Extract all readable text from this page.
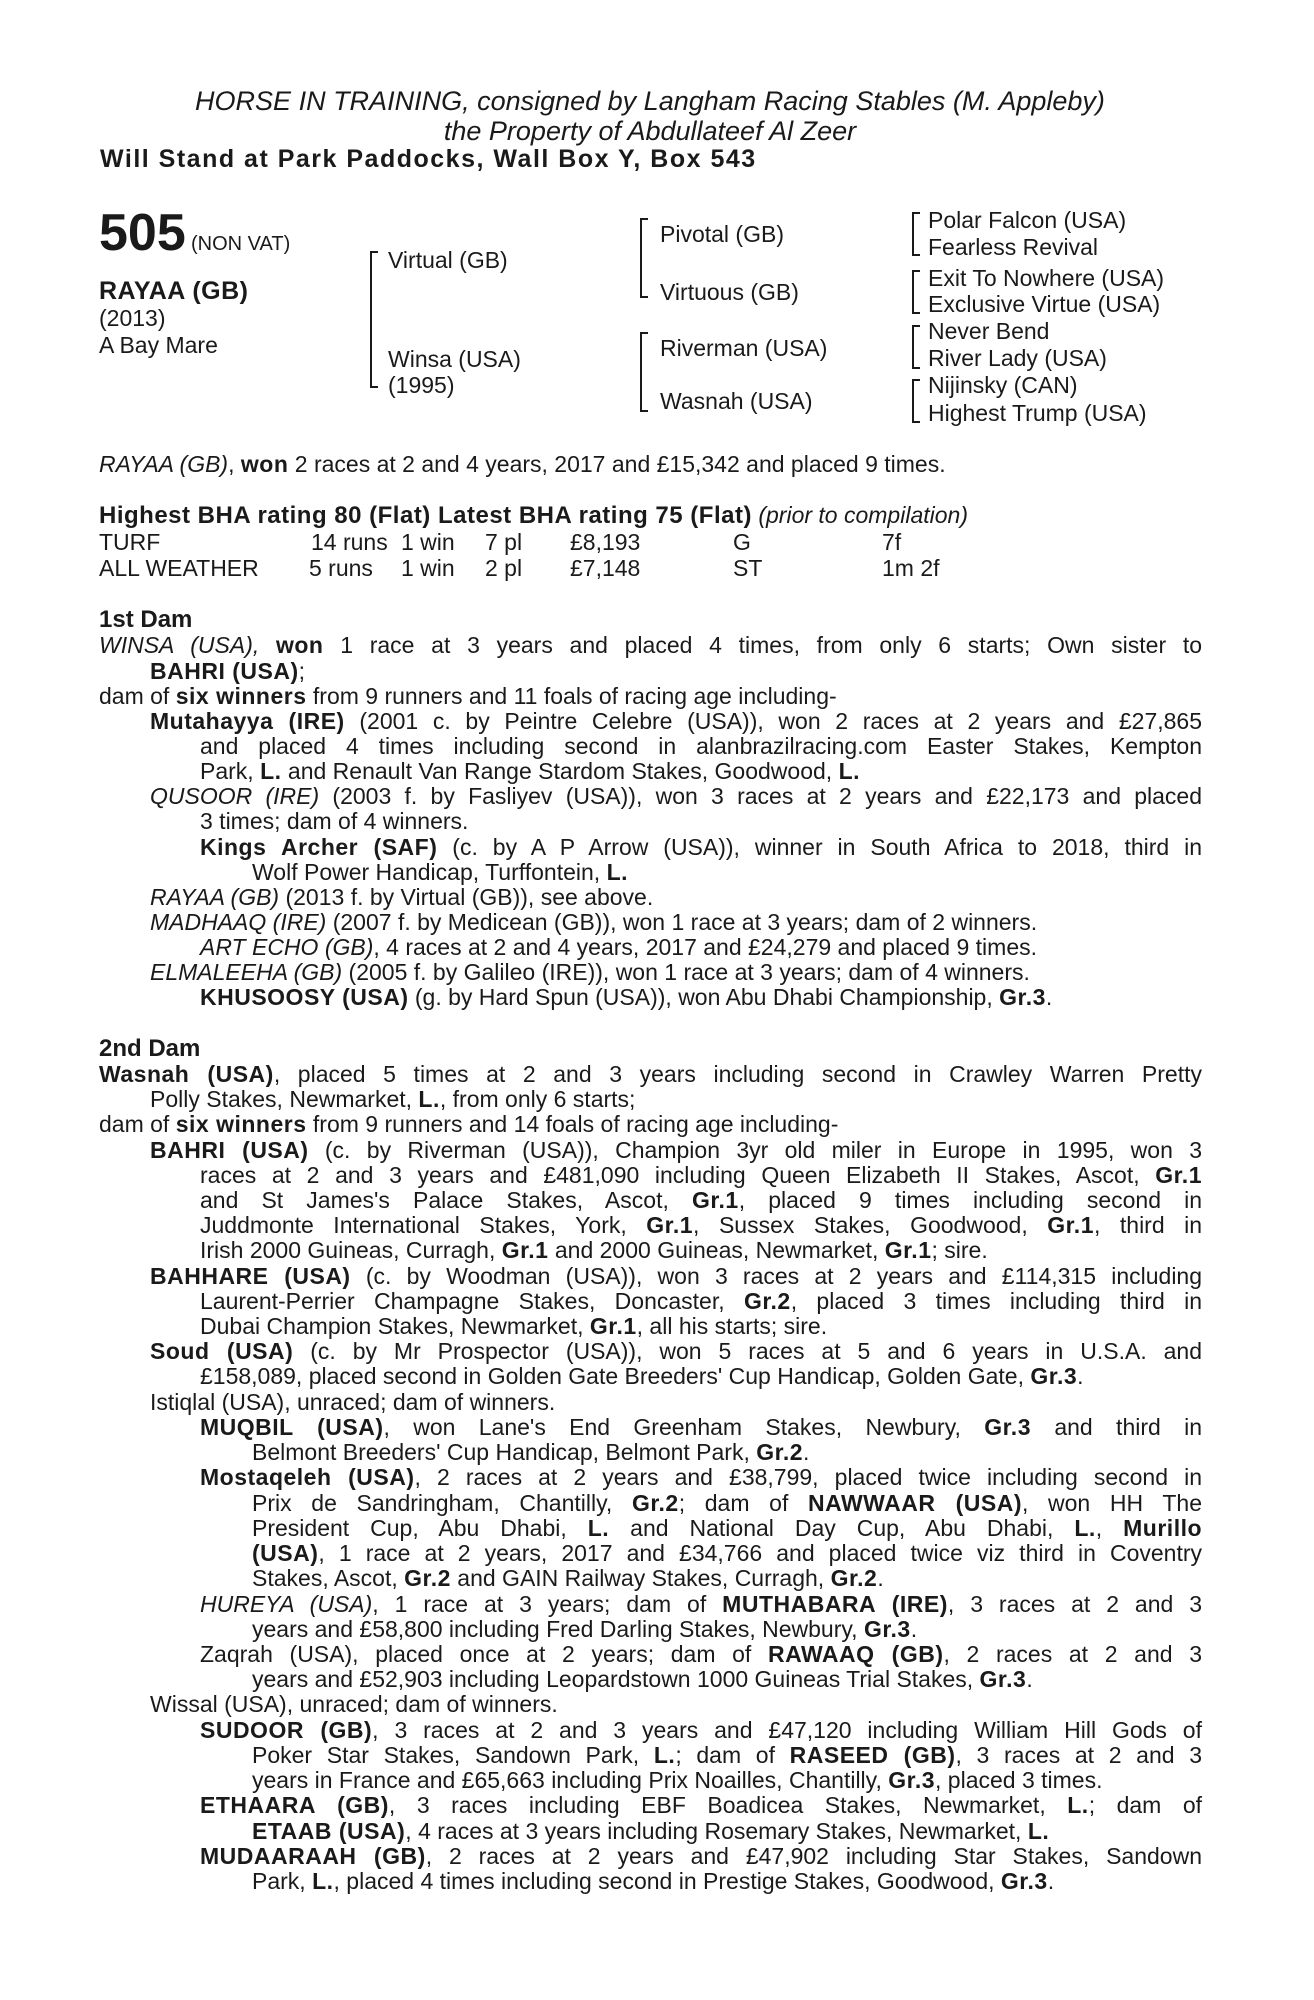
HORSE IN TRAINING, consigned by Langham Racing Stables (M. Appleby)
the Property of Abdullateef Al Zeer
Will Stand at Park Paddocks, Wall Box Y, Box 543
505 (NON VAT)
RAYAA (GB)
(2013)
A Bay Mare
Virtual (GB)
Winsa (USA)
(1995)
Pivotal (GB)
Virtuous (GB)
Riverman (USA)
Wasnah (USA)
Polar Falcon (USA)
Fearless Revival
Exit To Nowhere (USA)
Exclusive Virtue (USA)
Never Bend
River Lady (USA)
Nijinsky (CAN)
Highest Trump (USA)
RAYAA (GB), won 2 races at 2 and 4 years, 2017 and £15,342 and placed 9 times.
Highest BHA rating 80 (Flat) Latest BHA rating 75 (Flat) (prior to compilation)
TURF	14 runs 1 win 7 pl £8,193	G	7f
ALL WEATHER 5 runs 1 win 2 pl £7,148	ST	1m 2f
1st Dam
WINSA (USA), won 1 race at 3 years and placed 4 times, from only 6 starts; Own sister to
BAHRI (USA);
dam of six winners from 9 runners and 11 foals of racing age including-
Mutahayya (IRE) (2001 c. by Peintre Celebre (USA)), won 2 races at 2 years and £27,865
and placed 4 times including second in alanbrazilracing.com Easter Stakes, Kempton
Park, L. and Renault Van Range Stardom Stakes, Goodwood, L.
QUSOOR (IRE) (2003 f. by Fasliyev (USA)), won 3 races at 2 years and £22,173 and placed
3 times; dam of 4 winners.
Kings Archer (SAF) (c. by A P Arrow (USA)), winner in South Africa to 2018, third in
Wolf Power Handicap, Turffontein, L.
RAYAA (GB) (2013 f. by Virtual (GB)), see above.
MADHAAQ (IRE) (2007 f. by Medicean (GB)), won 1 race at 3 years; dam of 2 winners.
ART ECHO (GB), 4 races at 2 and 4 years, 2017 and £24,279 and placed 9 times.
ELMALEEHA (GB) (2005 f. by Galileo (IRE)), won 1 race at 3 years; dam of 4 winners.
KHUSOOSY (USA) (g. by Hard Spun (USA)), won Abu Dhabi Championship, Gr.3.
2nd Dam
Wasnah (USA), placed 5 times at 2 and 3 years including second in Crawley Warren Pretty
Polly Stakes, Newmarket, L., from only 6 starts;
dam of six winners from 9 runners and 14 foals of racing age including-
BAHRI (USA) (c. by Riverman (USA)), Champion 3yr old miler in Europe in 1995, won 3
races at 2 and 3 years and £481,090 including Queen Elizabeth II Stakes, Ascot, Gr.1
and St James's Palace Stakes, Ascot, Gr.1, placed 9 times including second in
Juddmonte International Stakes, York, Gr.1, Sussex Stakes, Goodwood, Gr.1, third in
Irish 2000 Guineas, Curragh, Gr.1 and 2000 Guineas, Newmarket, Gr.1; sire.
BAHHARE (USA) (c. by Woodman (USA)), won 3 races at 2 years and £114,315 including
Laurent-Perrier Champagne Stakes, Doncaster, Gr.2, placed 3 times including third in
Dubai Champion Stakes, Newmarket, Gr.1, all his starts; sire.
Soud (USA) (c. by Mr Prospector (USA)), won 5 races at 5 and 6 years in U.S.A. and
£158,089, placed second in Golden Gate Breeders' Cup Handicap, Golden Gate, Gr.3.
Istiqlal (USA), unraced; dam of winners.
MUQBIL (USA), won Lane's End Greenham Stakes, Newbury, Gr.3 and third in
Belmont Breeders' Cup Handicap, Belmont Park, Gr.2.
Mostaqeleh (USA), 2 races at 2 years and £38,799, placed twice including second in
Prix de Sandringham, Chantilly, Gr.2; dam of NAWWAAR (USA), won HH The
President Cup, Abu Dhabi, L. and National Day Cup, Abu Dhabi, L., Murillo
(USA), 1 race at 2 years, 2017 and £34,766 and placed twice viz third in Coventry
Stakes, Ascot, Gr.2 and GAIN Railway Stakes, Curragh, Gr.2.
HUREYA (USA), 1 race at 3 years; dam of MUTHABARA (IRE), 3 races at 2 and 3
years and £58,800 including Fred Darling Stakes, Newbury, Gr.3.
Zaqrah (USA), placed once at 2 years; dam of RAWAAQ (GB), 2 races at 2 and 3
years and £52,903 including Leopardstown 1000 Guineas Trial Stakes, Gr.3.
Wissal (USA), unraced; dam of winners.
SUDOOR (GB), 3 races at 2 and 3 years and £47,120 including William Hill Gods of
Poker Star Stakes, Sandown Park, L.; dam of RASEED (GB), 3 races at 2 and 3
years in France and £65,663 including Prix Noailles, Chantilly, Gr.3, placed 3 times.
ETHAARA (GB), 3 races including EBF Boadicea Stakes, Newmarket, L.; dam of
ETAAB (USA), 4 races at 3 years including Rosemary Stakes, Newmarket, L.
MUDAARAAH (GB), 2 races at 2 years and £47,902 including Star Stakes, Sandown
Park, L., placed 4 times including second in Prestige Stakes, Goodwood, Gr.3.
